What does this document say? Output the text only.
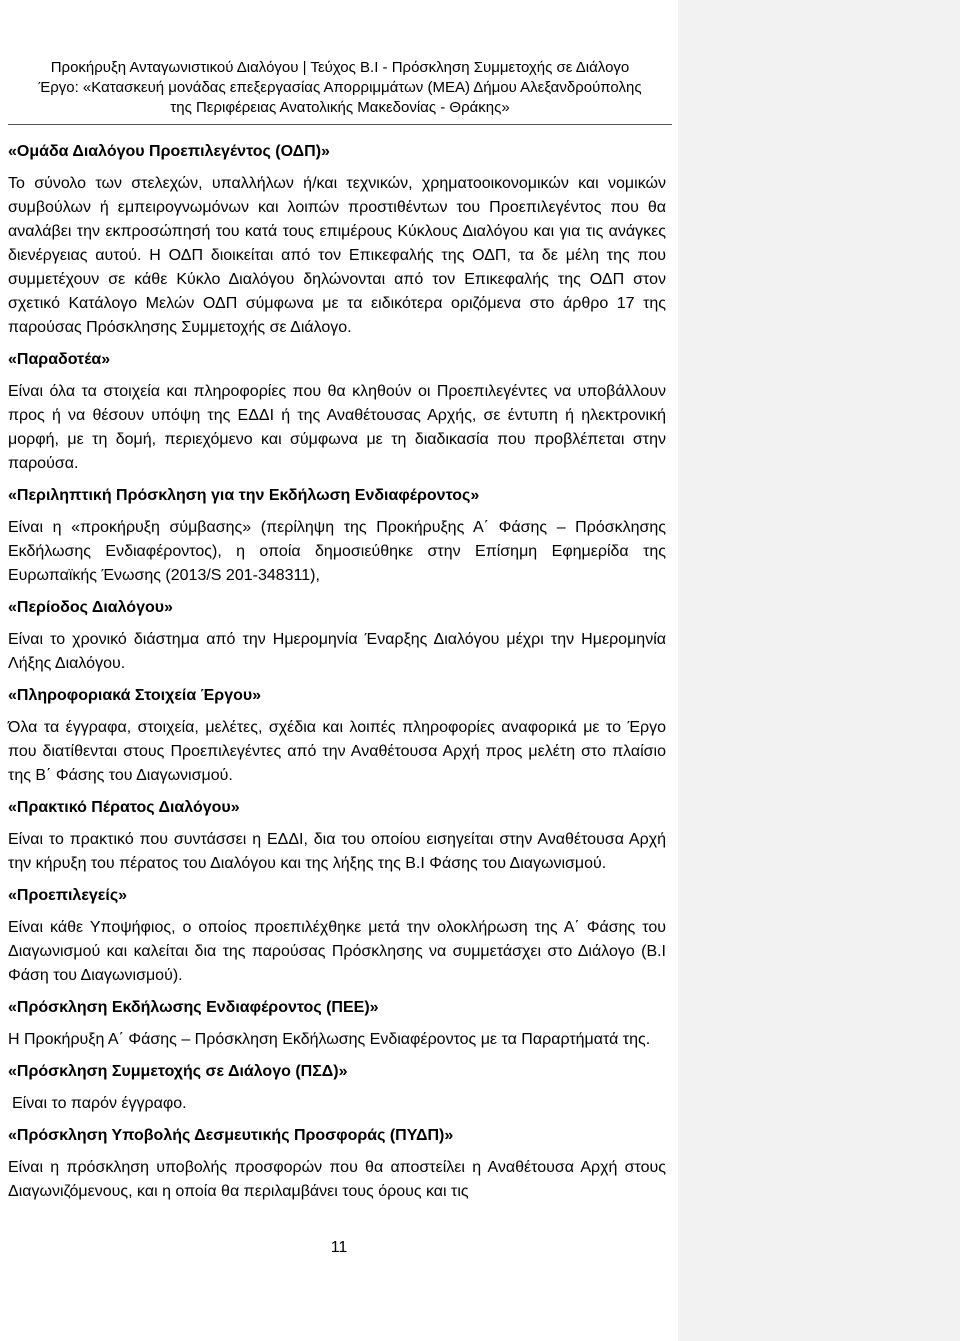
Προκήρυξη Ανταγωνιστικού Διαλόγου | Τεύχος Β.Ι - Πρόσκληση Συμμετοχής σε Διάλογο
Έργο: «Κατασκευή μονάδας επεξεργασίας Απορριμμάτων (ΜΕΑ) Δήμου Αλεξανδρούπολης
της Περιφέρειας Ανατολικής Μακεδονίας - Θράκης»

«Ομάδα Διαλόγου Προεπιλεγέντος (ΟΔΠ)»

Το σύνολο των στελεχών, υπαλλήλων ή/και τεχνικών, χρηματοοικονομικών και νομικών συμβούλων ή εμπειρογνωμόνων και λοιπών προστιθέντων του Προεπιλεγέντος που θα αναλάβει την εκπροσώπησή του κατά τους επιμέρους Κύκλους Διαλόγου και για τις ανάγκες διενέργειας αυτού. Η ΟΔΠ διοικείται από τον Επικεφαλής της ΟΔΠ, τα δε μέλη της που συμμετέχουν σε κάθε Κύκλο Διαλόγου δηλώνονται από τον Επικεφαλής της ΟΔΠ στον σχετικό Κατάλογο Μελών ΟΔΠ σύμφωνα με τα ειδικότερα οριζόμενα στο άρθρο 17 της παρούσας Πρόσκλησης Συμμετοχής σε Διάλογο.

«Παραδοτέα»

Είναι όλα τα στοιχεία και πληροφορίες που θα κληθούν οι Προεπιλεγέντες να υποβάλλουν προς ή να θέσουν υπόψη της ΕΔΔΙ ή της Αναθέτουσας Αρχής, σε έντυπη ή ηλεκτρονική μορφή, με τη δομή, περιεχόμενο και σύμφωνα με τη διαδικασία που προβλέπεται στην παρούσα.

«Περιληπτική Πρόσκληση για την Εκδήλωση Ενδιαφέροντος»

Είναι η «προκήρυξη σύμβασης» (περίληψη της Προκήρυξης Α΄ Φάσης – Πρόσκλησης Εκδήλωσης Ενδιαφέροντος), η οποία δημοσιεύθηκε στην Επίσημη Εφημερίδα της Ευρωπαϊκής Ένωσης (2013/S 201-348311),

«Περίοδος Διαλόγου»

Είναι το χρονικό διάστημα από την Ημερομηνία Έναρξης Διαλόγου μέχρι την Ημερομηνία Λήξης Διαλόγου.

«Πληροφοριακά Στοιχεία Έργου»

Όλα τα έγγραφα, στοιχεία, μελέτες, σχέδια και λοιπές πληροφορίες αναφορικά με το Έργο που διατίθενται στους Προεπιλεγέντες από την Αναθέτουσα Αρχή προς μελέτη στο πλαίσιο της Β΄ Φάσης του Διαγωνισμού.

«Πρακτικό Πέρατος Διαλόγου»

Είναι το πρακτικό που συντάσσει η ΕΔΔΙ, δια του οποίου εισηγείται στην Αναθέτουσα Αρχή την κήρυξη του πέρατος του Διαλόγου και της λήξης της Β.Ι Φάσης του Διαγωνισμού.

«Προεπιλεγείς»

Είναι κάθε Υποψήφιος, ο οποίος προεπιλέχθηκε μετά την ολοκλήρωση της Α΄ Φάσης του Διαγωνισμού και καλείται δια της παρούσας Πρόσκλησης να συμμετάσχει στο Διάλογο (Β.Ι Φάση του Διαγωνισμού).

«Πρόσκληση Εκδήλωσης Ενδιαφέροντος (ΠΕΕ)»

Η Προκήρυξη Α΄ Φάσης – Πρόσκληση Εκδήλωσης Ενδιαφέροντος με τα Παραρτήματά της.

«Πρόσκληση Συμμετοχής σε Διάλογο (ΠΣΔ)»

Είναι το παρόν έγγραφο.

«Πρόσκληση Υποβολής Δεσμευτικής Προσφοράς (ΠΥΔΠ)»

Είναι η πρόσκληση υποβολής προσφορών που θα αποστείλει η Αναθέτουσα Αρχή στους Διαγωνιζόμενους, και η οποία θα περιλαμβάνει τους όρους και τις

11
